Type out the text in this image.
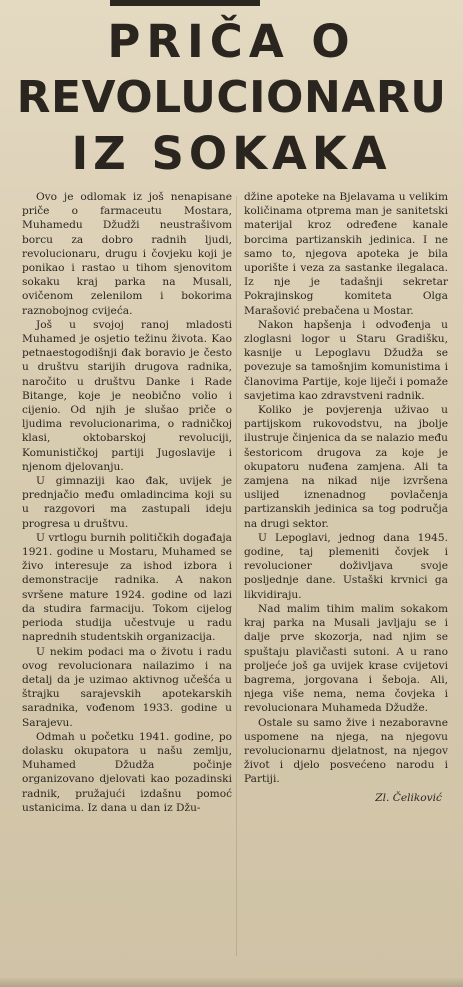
PRIČA O
REVOLUCIONARU
IZ SOKAKA

Ovo je odlomak iz još nenapisane priče o farmaceutu Mostara, Muhamedu Džudži neustrašivom borcu za dobro radnih ljudi, revolucionaru, drugu i čovjeku koji je ponikao i rastao u tihom sjenovitom sokaku kraj parka na Musali, ovičenom zelenilom i bokorima raznobojnog cvijeća.

Još u svojoj ranoj mladosti Muhamed je osjetio težinu života. Kao petnaestogodišnji đak boravio je često u društvu starijih drugova radnika, naročito u društvu Danke i Rade Bitange, koje je neobično volio i cijenio. Od njih je slušao priče o ljudima revolucionarima, o radničkoj klasi, oktobarskoj revoluciji, Komunističkoj partiji Jugoslavije i njenom djelovanju.

U gimnaziji kao đak, uvijek je prednjačio među omladincima koji su u razgovori ma zastupali ideju progresa u društvu.

U vrtlogu burnih političkih događaja 1921. godine u Mostaru, Muhamed se živo interesuje za ishod izbora i demonstracije radnika. A nakon svršene mature 1924. godine od lazi da studira farmaciju. Tokom cijelog perioda studija učestvuje u radu naprednih studentskih organizacija.

U nekim podaci ma o životu i radu ovog revolucionara nailazimo i na detalj da je uzimao aktivnog učešća u štrajku sarajevskih apotekarskih saradnika, vođenom 1933. godine u Sarajevu.

Odmah u početku 1941. godine, po dolasku okupatora u našu zemlju, Muhamed Džudža počinje organizovano djelovati kao pozadinski radnik, pružajući izdašnu pomoć ustanicima. Iz dana u dan iz Džu-

džine apoteke na Bjelavama u velikim količinama otprema man je sanitetski materijal kroz određene kanale borcima partizanskih jedinica. I ne samo to, njegova apoteka je bila uporište i veza za sastanke ilegalaca. Iz nje je tadašnji sekretar Pokrajinskog komiteta Olga Marašović prebačena u Mostar.

Nakon hapšenja i odvođenja u zloglasni logor u Staru Gradišku, kasnije u Lepoglavu Džudža se povezuje sa tamošnjim komunistima i članovima Partije, koje liječi i pomaže savjetima kao zdravstveni radnik.

Koliko je povjerenja uživao u partijskom rukovodstvu, na jbolje ilustruje činjenica da se nalazio među šestoricom drugova za koje je okupatoru nuđena zamjena. Ali ta zamjena na nikad nije izvršena uslijed iznenadnog povlačenja partizanskih jedinica sa tog područja na drugi sektor.

U Lepoglavi, jednog dana 1945. godine, taj plemeniti čovjek i revolucioner doživljava svoje posljednje dane. Ustaški krvnici ga likvidiraju.

Nad malim tihim malim sokakom kraj parka na Musali javljaju se i dalje prve skozorja, nad njim se spuštaju plavičasti sutoni. A u rano proljeće još ga uvijek krase cvijetovi bagrema, jorgovana i šeboja. Ali, njega više nema, nema čovjeka i revolucionara Muhameda Džudže.

Ostale su samo žive i nezaboravne uspomene na njega, na njegovu revolucionarnu djelatnost, na njegov život i djelo posvećeno narodu i Partiji.

Zl. Čeliković
